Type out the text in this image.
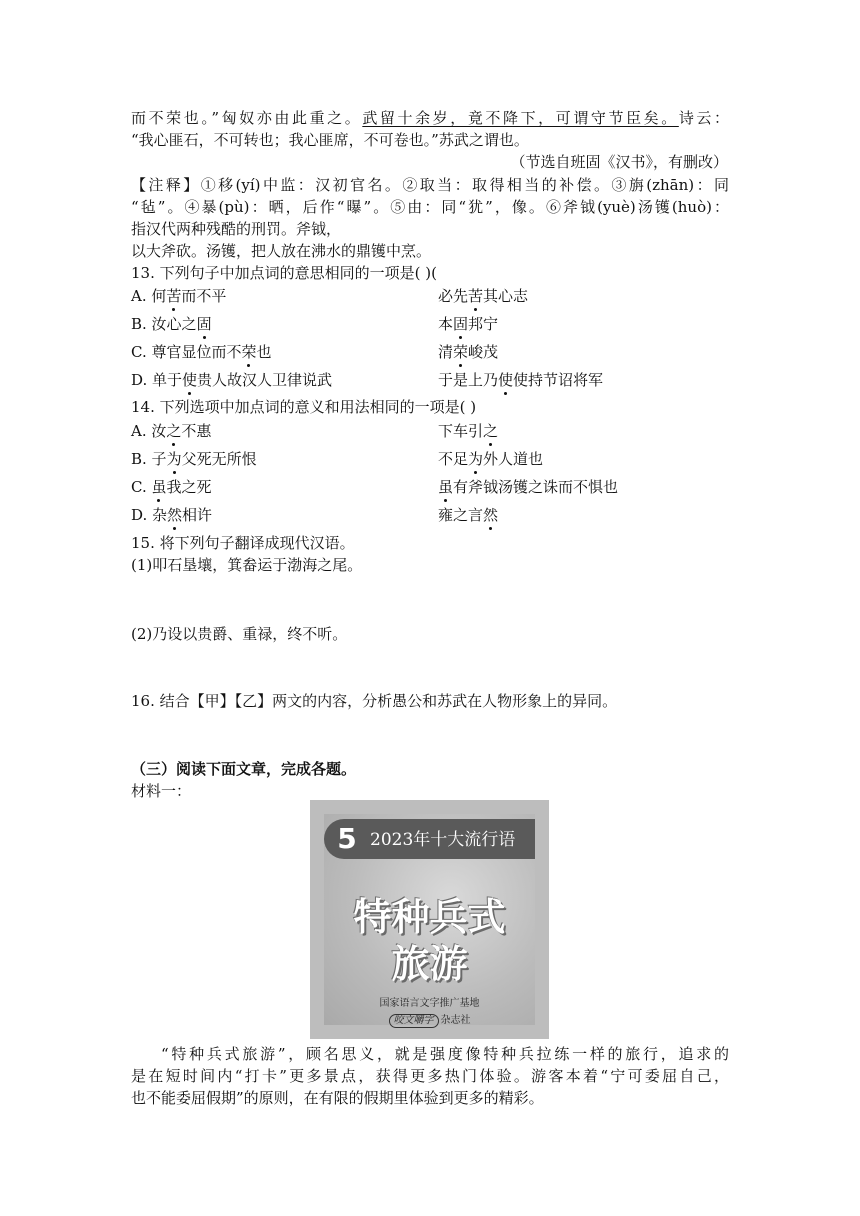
而不荣也。”匈奴亦由此重之。武留十余岁，竟不降下，可谓守节臣矣。诗云：
“我心匪石，不可转也；我心匪席，不可卷也。”苏武之谓也。
（节选自班固《汉书》，有删改）
【注释】①移(yí)中监：汉初官名。②取当：取得相当的补偿。③旃(zhān)：同
“毡”。④暴(pù)：晒，后作“曝”。⑤由：同“犹”，像。⑥斧钺(yuè)汤镬(huò)：
指汉代两种残酷的刑罚。斧钺，
以大斧砍。汤镬，把人放在沸水的鼎镬中烹。
13. 下列句子中加点词的意思相同的一项是( )(
A. 何苦而不平	必先苦其心志
B. 汝心之固	本固邦宁
C. 尊官显位而不荣也	清荣峻茂
D. 单于使贵人故汉人卫律说武	于是上乃使使持节诏将军
14. 下列选项中加点词的意义和用法相同的一项是( )
A. 汝之不惠	下车引之
B. 子为父死无所恨	不足为外人道也
C. 虽我之死	虽有斧钺汤镬之诛而不惧也
D. 杂然相许	雍之言然
15. 将下列句子翻译成现代汉语。
(1)叩石垦壤，箕畚运于渤海之尾。
(2)乃设以贵爵、重禄，终不听。
16. 结合【甲】【乙】两文的内容，分析愚公和苏武在人物形象上的异同。
（三）阅读下面文章，完成各题。
材料一：
5 2023年十大流行语
特种兵式
旅游
国家语言文字推广基地
咬文嚼字 杂志社
“特种兵式旅游”，顾名思义，就是强度像特种兵拉练一样的旅行，追求的
是在短时间内“打卡”更多景点，获得更多热门体验。游客本着“宁可委屈自己，
也不能委屈假期”的原则，在有限的假期里体验到更多的精彩。
